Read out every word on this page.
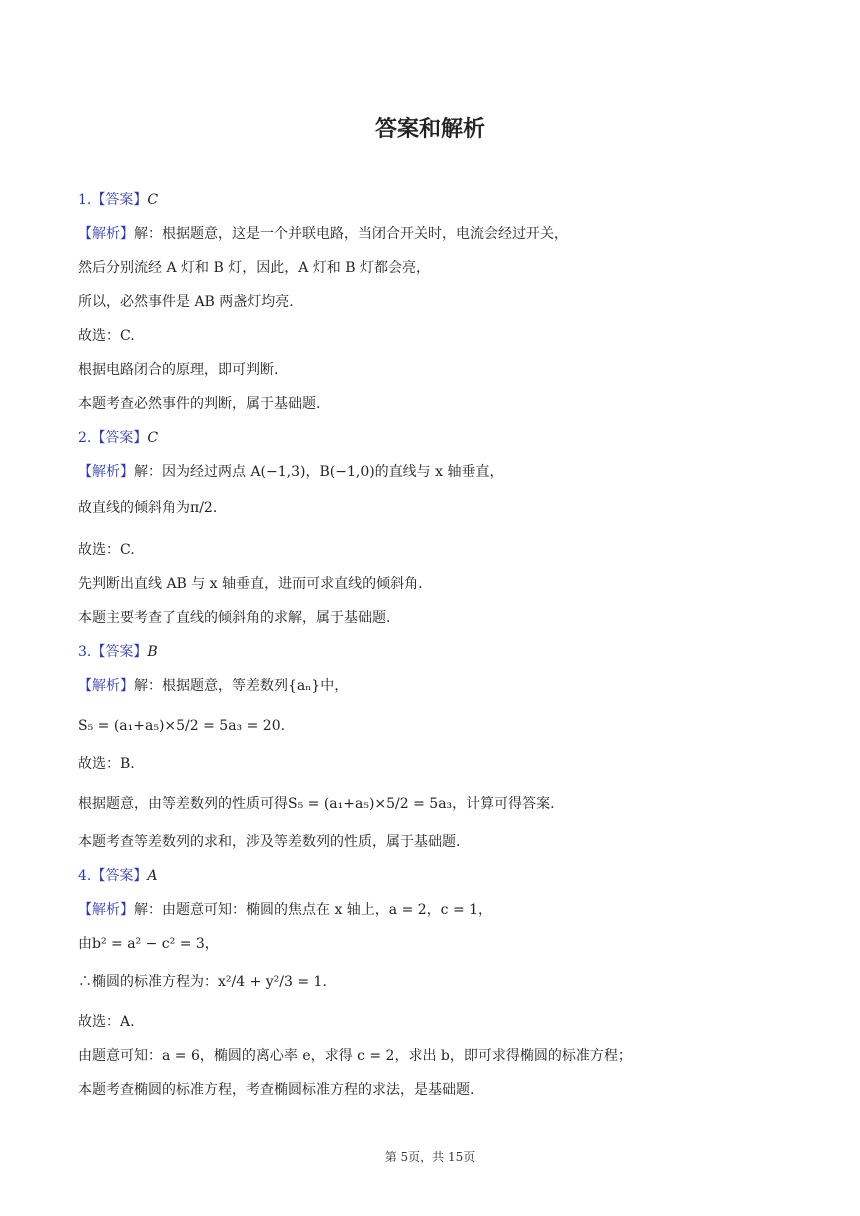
答案和解析
1.【答案】C
【解析】解：根据题意，这是一个并联电路，当闭合开关时，电流会经过开关，
然后分别流经 A 灯和 B 灯，因此，A 灯和 B 灯都会亮，
所以，必然事件是 AB 两盏灯均亮.
故选：C.
根据电路闭合的原理，即可判断.
本题考查必然事件的判断，属于基础题.
2.【答案】C
【解析】解：因为经过两点 A(−1,3)，B(−1,0)的直线与 x 轴垂直，
故直线的倾斜角为π/2.
故选：C.
先判断出直线 AB 与 x 轴垂直，进而可求直线的倾斜角.
本题主要考查了直线的倾斜角的求解，属于基础题.
3.【答案】B
【解析】解：根据题意，等差数列{aₙ}中，
S₅ = (a₁+a₅)×5/2 = 5a₃ = 20.
故选：B.
根据题意，由等差数列的性质可得S₅ = (a₁+a₅)×5/2 = 5a₃，计算可得答案.
本题考查等差数列的求和，涉及等差数列的性质，属于基础题.
4.【答案】A
【解析】解：由题意可知：椭圆的焦点在 x 轴上，a = 2，c = 1，
由b² = a² − c² = 3，
∴椭圆的标准方程为：x²/4 + y²/3 = 1.
故选：A.
由题意可知：a = 6，椭圆的离心率 e，求得 c = 2，求出 b，即可求得椭圆的标准方程；
本题考查椭圆的标准方程，考查椭圆标准方程的求法，是基础题.
第 5页，共 15页
